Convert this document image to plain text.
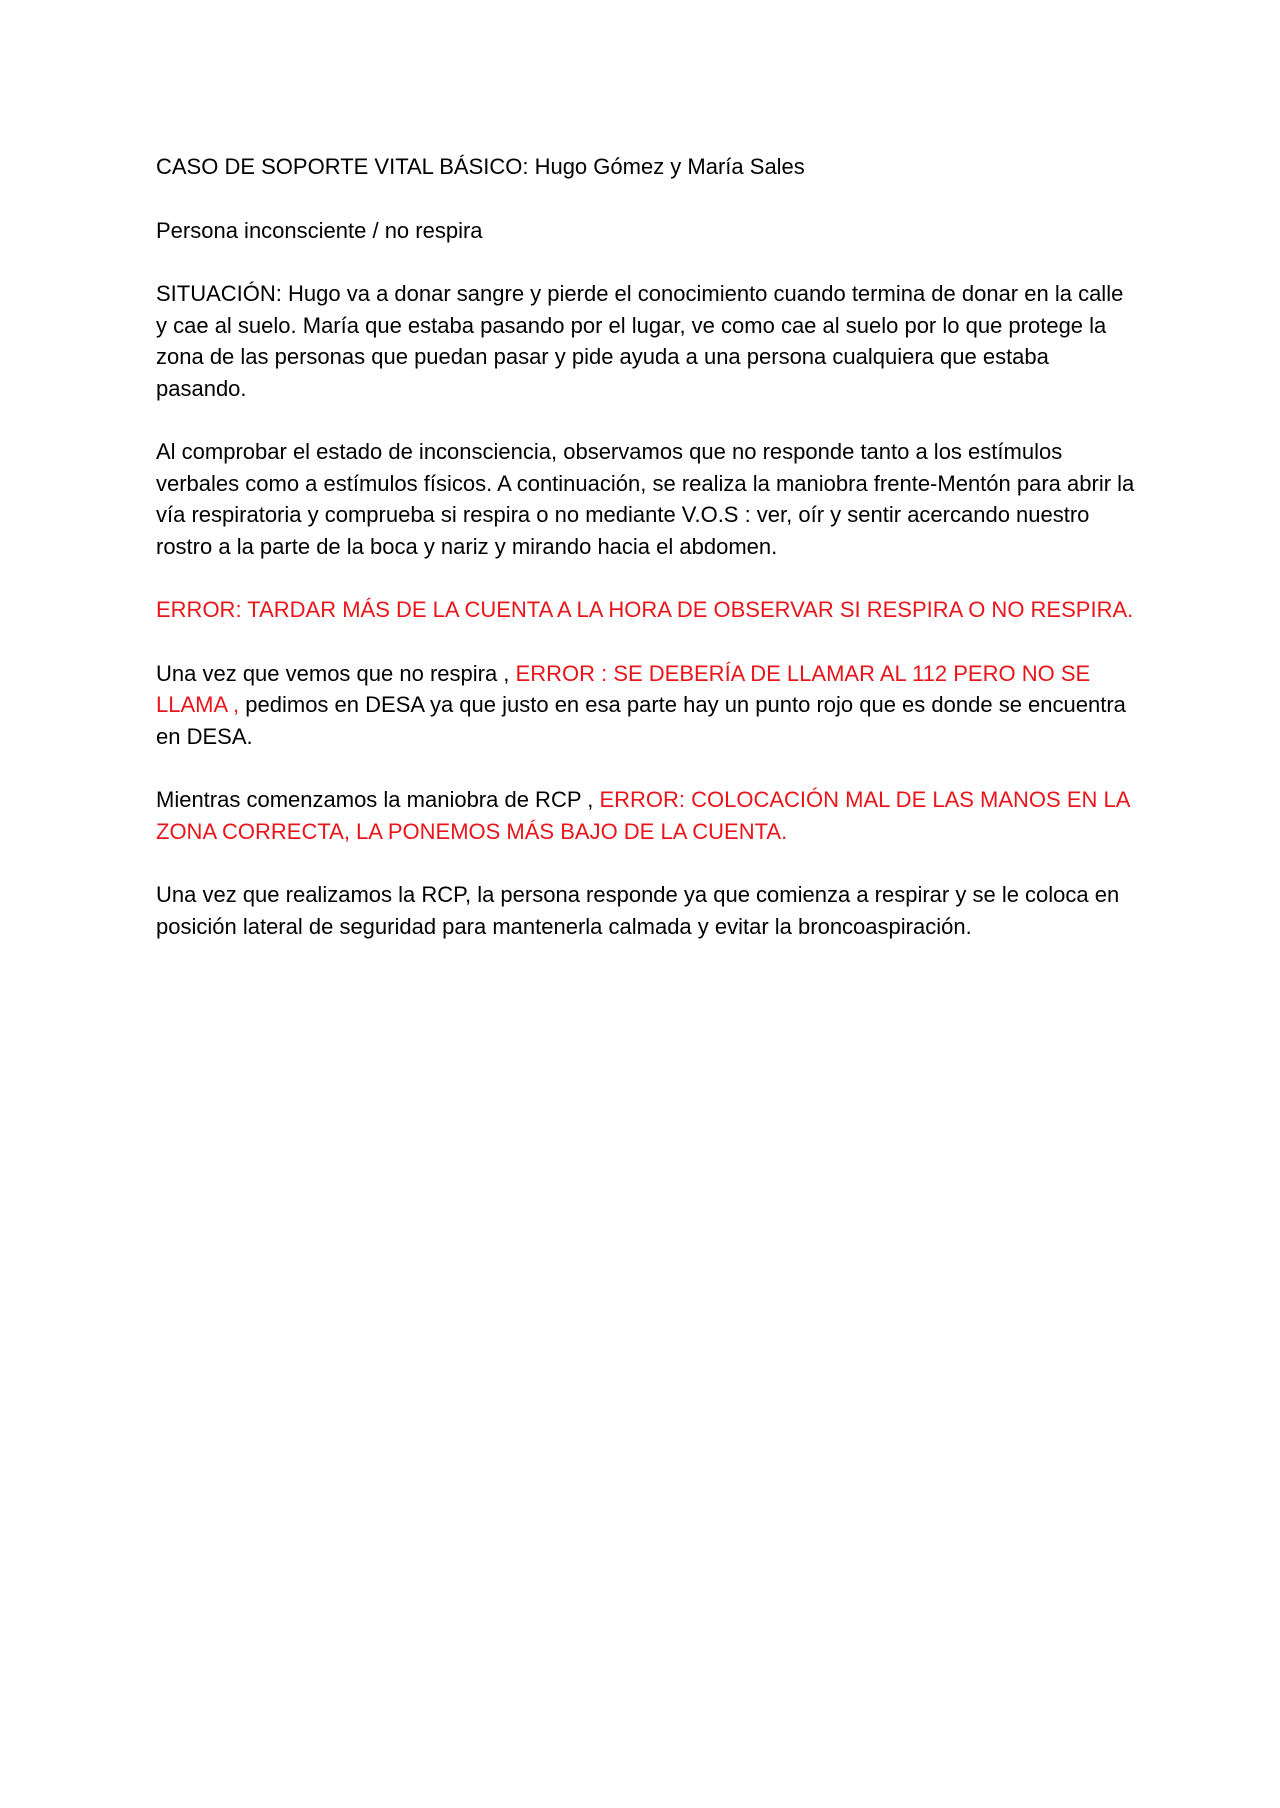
CASO DE SOPORTE VITAL BÁSICO: Hugo Gómez y María Sales

Persona inconsciente / no respira

SITUACIÓN: Hugo va a donar sangre y pierde el conocimiento cuando termina de donar en la calle y cae al suelo. María que estaba pasando por el lugar, ve como cae al suelo por lo que protege la zona de las personas que puedan pasar y pide ayuda a una persona cualquiera que estaba pasando.

Al comprobar el estado de inconsciencia, observamos que no responde tanto a los estímulos verbales como a estímulos físicos. A continuación, se realiza la maniobra frente-Mentón para abrir la vía respiratoria y comprueba si respira o no mediante V.O.S : ver, oír y sentir acercando nuestro rostro a la parte de la boca y nariz y mirando hacia el abdomen.

ERROR: TARDAR MÁS DE LA CUENTA A LA HORA DE OBSERVAR SI RESPIRA O NO RESPIRA.

Una vez que vemos que no respira , ERROR : SE DEBERÍA DE LLAMAR AL 112 PERO NO SE LLAMA , pedimos en DESA ya que justo en esa parte hay un punto rojo que es donde se encuentra en DESA.

Mientras comenzamos la maniobra de RCP , ERROR: COLOCACIÓN MAL DE LAS MANOS EN LA ZONA CORRECTA, LA PONEMOS MÁS BAJO DE LA CUENTA.

Una vez que realizamos la RCP, la persona responde ya que comienza a respirar y se le coloca en posición lateral de seguridad para mantenerla calmada y evitar la broncoaspiración.
